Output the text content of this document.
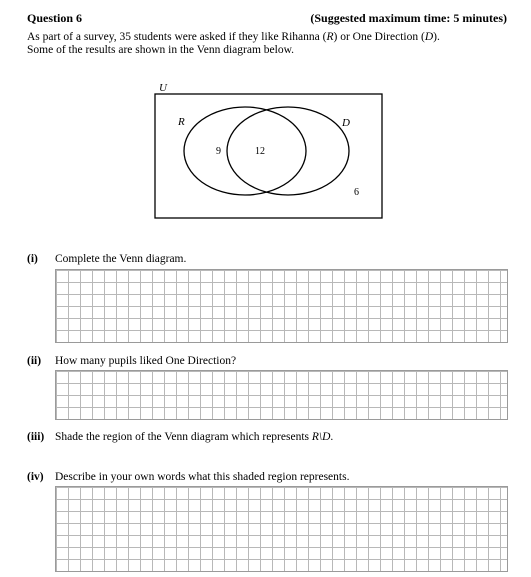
Question 6	(Suggested maximum time: 5 minutes)
As part of a survey, 35 students were asked if they like Rihanna (R) or One Direction (D).
Some of the results are shown in the Venn diagram below.
U
R	D
9	12
6
(i) Complete the Venn diagram.
(ii) How many pupils liked One Direction?
(iii) Shade the region of the Venn diagram which represents R\D.
(iv) Describe in your own words what this shaded region represents.
